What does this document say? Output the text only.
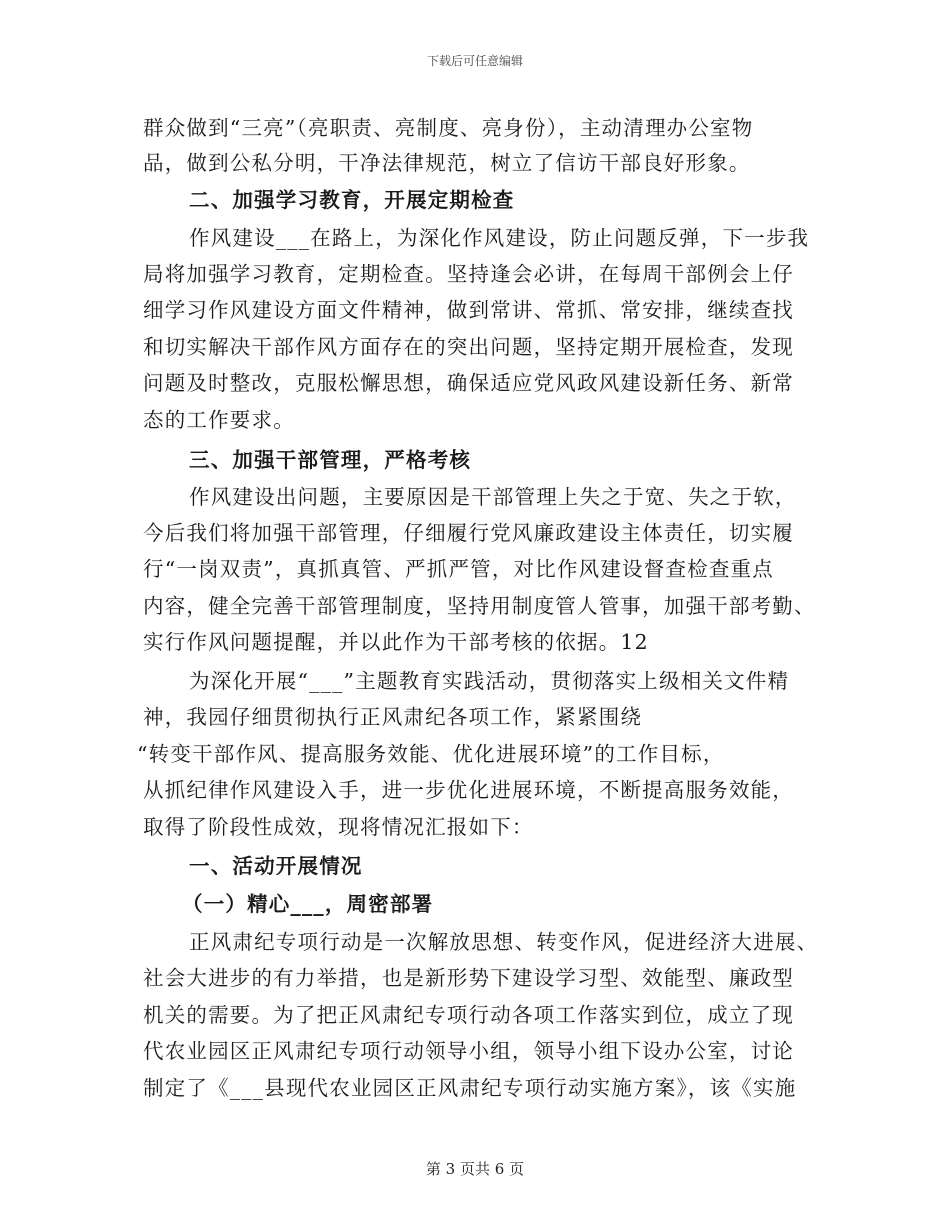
下载后可任意编辑
群众做到“三亮”（亮职责、亮制度、亮身份），主动清理办公室物
品，做到公私分明，干净法律规范，树立了信访干部良好形象。
二、加强学习教育，开展定期检查
作风建设___在路上，为深化作风建设，防止问题反弹，下一步我
局将加强学习教育，定期检查。坚持逢会必讲，在每周干部例会上仔
细学习作风建设方面文件精神，做到常讲、常抓、常安排，继续查找
和切实解决干部作风方面存在的突出问题，坚持定期开展检查，发现
问题及时整改，克服松懈思想，确保适应党风政风建设新任务、新常
态的工作要求。
三、加强干部管理，严格考核
作风建设出问题，主要原因是干部管理上失之于宽、失之于软，
今后我们将加强干部管理，仔细履行党风廉政建设主体责任，切实履
行“一岗双责”，真抓真管、严抓严管，对比作风建设督查检查重点
内容，健全完善干部管理制度，坚持用制度管人管事，加强干部考勤、
实行作风问题提醒，并以此作为干部考核的依据。12
为深化开展“___”主题教育实践活动，贯彻落实上级相关文件精
神，我园仔细贯彻执行正风肃纪各项工作，紧紧围绕
“转变干部作风、提高服务效能、优化进展环境”的工作目标，
从抓纪律作风建设入手，进一步优化进展环境，不断提高服务效能，
取得了阶段性成效，现将情况汇报如下：
一、活动开展情况
（一）精心___，周密部署
正风肃纪专项行动是一次解放思想、转变作风，促进经济大进展、
社会大进步的有力举措，也是新形势下建设学习型、效能型、廉政型
机关的需要。为了把正风肃纪专项行动各项工作落实到位，成立了现
代农业园区正风肃纪专项行动领导小组，领导小组下设办公室，讨论
制定了《___县现代农业园区正风肃纪专项行动实施方案》，该《实施
第 3 页共 6 页
